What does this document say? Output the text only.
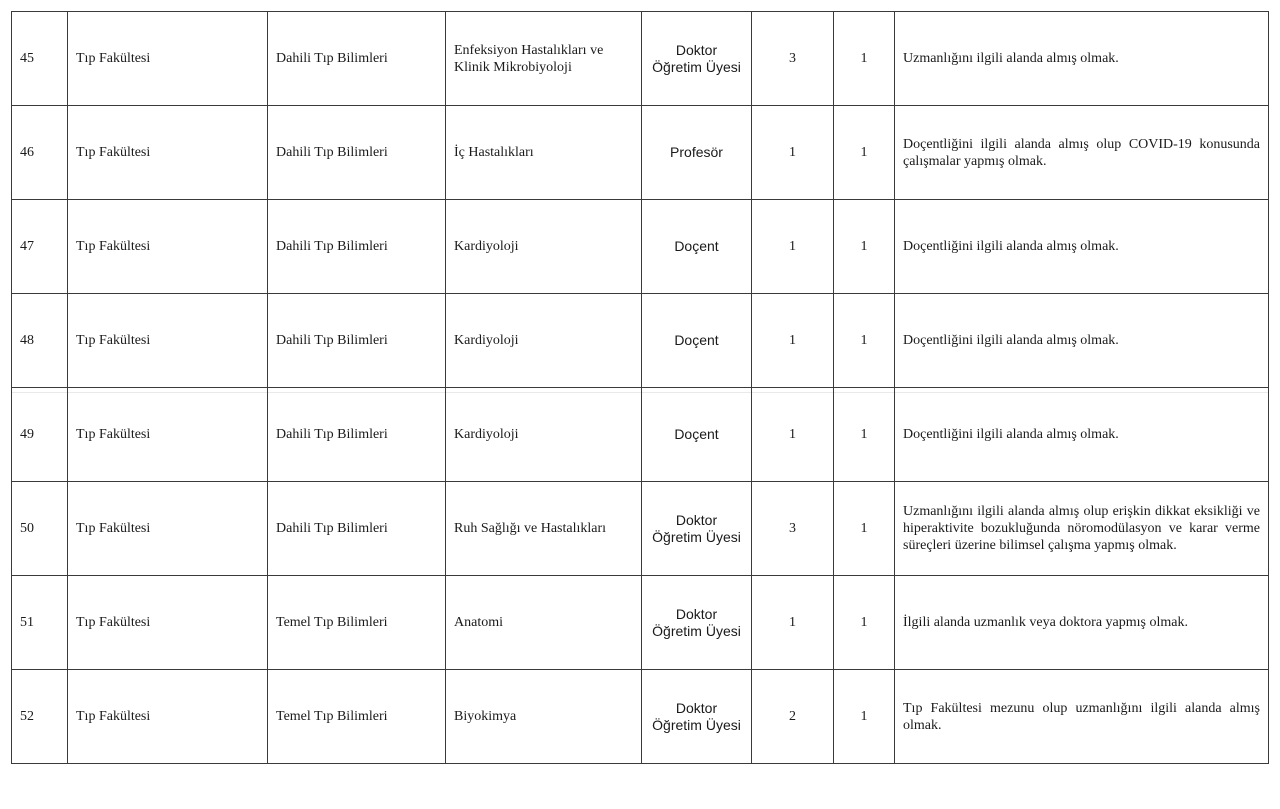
45	Tıp Fakültesi	Dahili Tıp Bilimleri	Enfeksiyon Hastalıkları ve Klinik Mikrobiyoloji	Doktor
Öğretim Üyesi	3	1	Uzmanlığını ilgili alanda almış olmak.
46	Tıp Fakültesi	Dahili Tıp Bilimleri	İç Hastalıkları	Profesör	1	1	Doçentliğini ilgili alanda almış olup COVID-19 konusunda çalışmalar yapmış olmak.
47	Tıp Fakültesi	Dahili Tıp Bilimleri	Kardiyoloji	Doçent	1	1	Doçentliğini ilgili alanda almış olmak.
48	Tıp Fakültesi	Dahili Tıp Bilimleri	Kardiyoloji	Doçent	1	1	Doçentliğini ilgili alanda almış olmak.
49	Tıp Fakültesi	Dahili Tıp Bilimleri	Kardiyoloji	Doçent	1	1	Doçentliğini ilgili alanda almış olmak.
50	Tıp Fakültesi	Dahili Tıp Bilimleri	Ruh Sağlığı ve Hastalıkları	Doktor
Öğretim Üyesi	3	1	Uzmanlığını ilgili alanda almış olup erişkin dikkat eksikliği ve hiperaktivite bozukluğunda nöromodülasyon ve karar verme süreçleri üzerine bilimsel çalışma yapmış olmak.
51	Tıp Fakültesi	Temel Tıp Bilimleri	Anatomi	Doktor
Öğretim Üyesi	1	1	İlgili alanda uzmanlık veya doktora yapmış olmak.
52	Tıp Fakültesi	Temel Tıp Bilimleri	Biyokimya	Doktor
Öğretim Üyesi	2	1	Tıp Fakültesi mezunu olup uzmanlığını ilgili alanda almış olmak.
